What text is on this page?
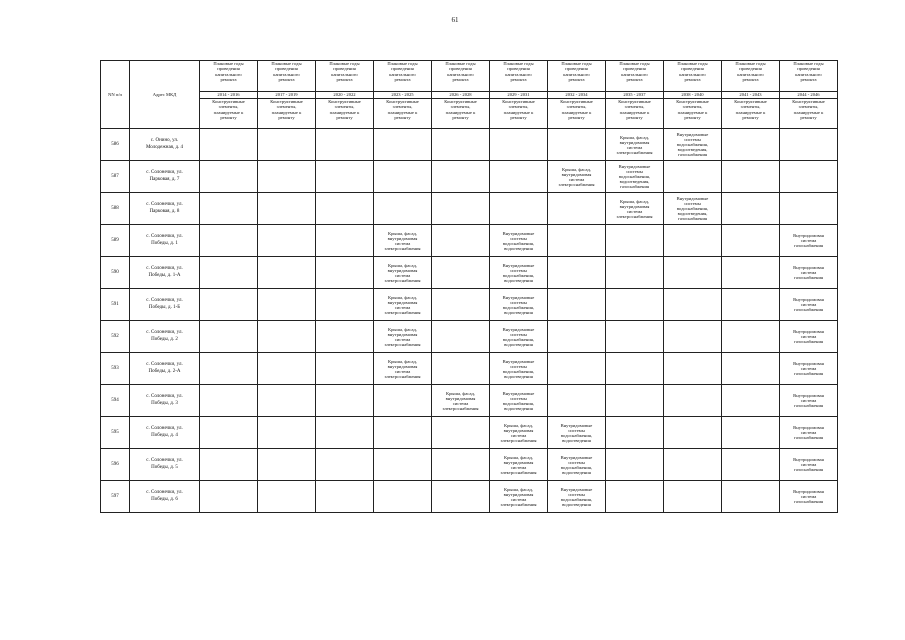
61
NN п/п	Адрес МКД	Плановые годы
проведения
капитального
ремонта	Плановые годы
проведения
капитального
ремонта	Плановые годы
проведения
капитального
ремонта	Плановые годы
проведения
капитального
ремонта	Плановые годы
проведения
капитального
ремонта	Плановые годы
проведения
капитального
ремонта	Плановые годы
проведения
капитального
ремонта	Плановые годы
проведения
капитального
ремонта	Плановые годы
проведения
капитального
ремонта	Плановые годы
проведения
капитального
ремонта	Плановые годы
проведения
капитального
ремонта
		2014 - 2016	2017 - 2019	2020 - 2022	2023 - 2025	2026 - 2028	2029 - 2031	2032 - 2034	2035 - 2037	2038 - 2040	2041 - 2043	2044 - 2046
		Конструктивные
элементы,
планируемые к
ремонту	Конструктивные
элементы,
планируемые к
ремонту	Конструктивные
элементы,
планируемые к
ремонту	Конструктивные
элементы,
планируемые к
ремонту	Конструктивные
элементы,
планируемые к
ремонту	Конструктивные
элементы,
планируемые к
ремонту	Конструктивные
элементы,
планируемые к
ремонту	Конструктивные
элементы,
планируемые к
ремонту	Конструктивные
элементы,
планируемые к
ремонту	Конструктивные
элементы,
планируемые к
ремонту	Конструктивные
элементы,
планируемые к
ремонту
586	с. Онино, ул.
Молодежная, д. 4								Крыша, фасад,
внутридомовая
система
электроснабжения	Внутридомовые
системы
водоснабжения,
водоотведения,
газоснабжения		
587	с. Солонечки, ул.
Парковая, д. 7							Крыша, фасад,
внутридомовая
система
электроснабжения	Внутридомовые
системы
водоснабжения,
водоотведения,
газоснабжения			
588	с. Солонечки, ул.
Парковая, д. 8								Крыша, фасад,
внутридомовая
система
электроснабжения	Внутридомовые
системы
водоснабжения,
водоотведения,
газоснабжения		
589	с. Солонечки, ул.
Победы, д. 1				Крыша, фасад,
внутридомовая
система
электроснабжения		Внутридомовые
системы
водоснабжения,
водоотведения					Внутридомовая
система
газоснабжения
590	с. Солонечки, ул.
Победы, д. 1-А				Крыша, фасад,
внутридомовая
система
электроснабжения		Внутридомовые
системы
водоснабжения,
водоотведения					Внутридомовая
система
газоснабжения
591	с. Солонечки, ул.
Победы, д. 1-Б				Крыша, фасад,
внутридомовая
система
электроснабжения		Внутридомовые
системы
водоснабжения,
водоотведения					Внутридомовая
система
газоснабжения
592	с. Солонечки, ул.
Победы, д. 2				Крыша, фасад,
внутридомовая
система
электроснабжения		Внутридомовые
системы
водоснабжения,
водоотведения					Внутридомовая
система
газоснабжения
593	с. Солонечки, ул.
Победы, д. 2-А				Крыша, фасад,
внутридомовая
система
электроснабжения		Внутридомовые
системы
водоснабжения,
водоотведения					Внутридомовая
система
газоснабжения
594	с. Солонечки, ул.
Победы, д. 3					Крыша, фасад,
внутридомовая
система
электроснабжения	Внутридомовые
системы
водоснабжения,
водоотведения					Внутридомовая
система
газоснабжения
595	с. Солонечки, ул.
Победы, д. 4						Крыша, фасад,
внутридомовая
система
электроснабжения	Внутридомовые
системы
водоснабжения,
водоотведения				Внутридомовая
система
газоснабжения
596	с. Солонечки, ул.
Победы, д. 5						Крыша, фасад,
внутридомовая
система
электроснабжения	Внутридомовые
системы
водоснабжения,
водоотведения				Внутридомовая
система
газоснабжения
597	с. Солонечки, ул.
Победы, д. 6						Крыша, фасад,
внутридомовая
система
электроснабжения	Внутридомовые
системы
водоснабжения,
водоотведения				Внутридомовая
система
газоснабжения
